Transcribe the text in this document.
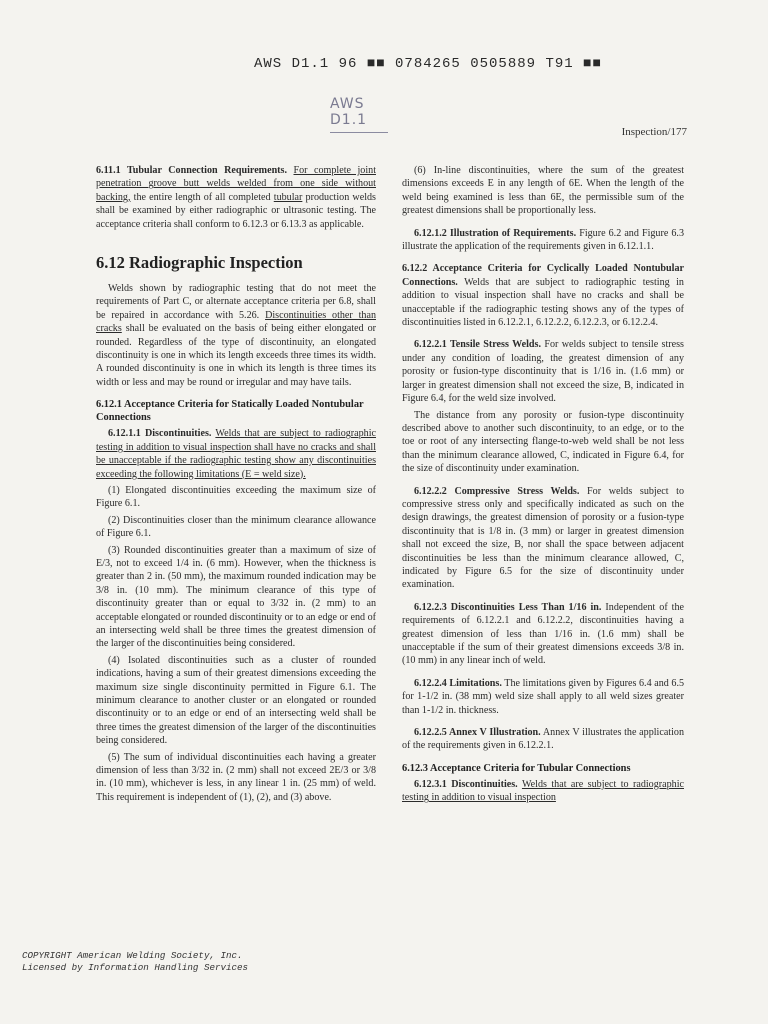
AWS D1.1 96 ■■ 0784265 0505889 T91 ■■
AWS D1.1
Inspection/177

6.11.1 Tubular Connection Requirements. For complete joint penetration groove butt welds welded from one side without backing, the entire length of all completed tubular production welds shall be examined by either radiographic or ultrasonic testing. The acceptance criteria shall conform to 6.12.3 or 6.13.3 as applicable.

6.12 Radiographic Inspection

Welds shown by radiographic testing that do not meet the requirements of Part C, or alternate acceptance criteria per 6.8, shall be repaired in accordance with 5.26. Discontinuities other than cracks shall be evaluated on the basis of being either elongated or rounded. Regardless of the type of discontinuity, an elongated discontinuity is one in which its length exceeds three times its width. A rounded discontinuity is one in which its length is three times its width or less and may be round or irregular and may have tails.

6.12.1 Acceptance Criteria for Statically Loaded Nontubular Connections

6.12.1.1 Discontinuities. Welds that are subject to radiographic testing in addition to visual inspection shall have no cracks and shall be unacceptable if the radiographic testing show any discontinuities exceeding the following limitations (E = weld size).

(1) Elongated discontinuities exceeding the maximum size of Figure 6.1.

(2) Discontinuities closer than the minimum clearance allowance of Figure 6.1.

(3) Rounded discontinuities greater than a maximum of size of E/3, not to exceed 1/4 in. (6 mm). However, when the thickness is greater than 2 in. (50 mm), the maximum rounded indication may be 3/8 in. (10 mm). The minimum clearance of this type of discontinuity greater than or equal to 3/32 in. (2 mm) to an acceptable elongated or rounded discontinuity or to an edge or end of an intersecting weld shall be three times the greatest dimension of the larger of the discontinuities being considered.

(4) Isolated discontinuities such as a cluster of rounded indications, having a sum of their greatest dimensions exceeding the maximum size single discontinuity permitted in Figure 6.1. The minimum clearance to another cluster or an elongated or rounded discontinuity or to an edge or end of an intersecting weld shall be three times the greatest dimension of the larger of the discontinuities being considered.

(5) The sum of individual discontinuities each having a greater dimension of less than 3/32 in. (2 mm) shall not exceed 2E/3 or 3/8 in. (10 mm), whichever is less, in any linear 1 in. (25 mm) of weld. This requirement is independent of (1), (2), and (3) above.

(6) In-line discontinuities, where the sum of the greatest dimensions exceeds E in any length of 6E. When the length of the weld being examined is less than 6E, the permissible sum of the greatest dimensions shall be proportionally less.

6.12.1.2 Illustration of Requirements. Figure 6.2 and Figure 6.3 illustrate the application of the requirements given in 6.12.1.1.

6.12.2 Acceptance Criteria for Cyclically Loaded Nontubular Connections. Welds that are subject to radiographic testing in addition to visual inspection shall have no cracks and shall be unacceptable if the radiographic testing shows any of the types of discontinuities listed in 6.12.2.1, 6.12.2.2, 6.12.2.3, or 6.12.2.4.

6.12.2.1 Tensile Stress Welds. For welds subject to tensile stress under any condition of loading, the greatest dimension of any porosity or fusion-type discontinuity that is 1/16 in. (1.6 mm) or larger in greatest dimension shall not exceed the size, B, indicated in Figure 6.4, for the weld size involved.

The distance from any porosity or fusion-type discontinuity described above to another such discontinuity, to an edge, or to the toe or root of any intersecting flange-to-web weld shall be not less than the minimum clearance allowed, C, indicated in Figure 6.4, for the size of discontinuity under examination.

6.12.2.2 Compressive Stress Welds. For welds subject to compressive stress only and specifically indicated as such on the design drawings, the greatest dimension of porosity or a fusion-type discontinuity that is 1/8 in. (3 mm) or larger in greatest dimension shall not exceed the size, B, nor shall the space between adjacent discontinuities be less than the minimum clearance allowed, C, indicated by Figure 6.5 for the size of discontinuity under examination.

6.12.2.3 Discontinuities Less Than 1/16 in. Independent of the requirements of 6.12.2.1 and 6.12.2.2, discontinuities having a greatest dimension of less than 1/16 in. (1.6 mm) shall be unacceptable if the sum of their greatest dimensions exceeds 3/8 in. (10 mm) in any linear inch of weld.

6.12.2.4 Limitations. The limitations given by Figures 6.4 and 6.5 for 1-1/2 in. (38 mm) weld size shall apply to all weld sizes greater than 1-1/2 in. thickness.

6.12.2.5 Annex V Illustration. Annex V illustrates the application of the requirements given in 6.12.2.1.

6.12.3 Acceptance Criteria for Tubular Connections

6.12.3.1 Discontinuities. Welds that are subject to radiographic testing in addition to visual inspection

COPYRIGHT American Welding Society, Inc.
Licensed by Information Handling Services
